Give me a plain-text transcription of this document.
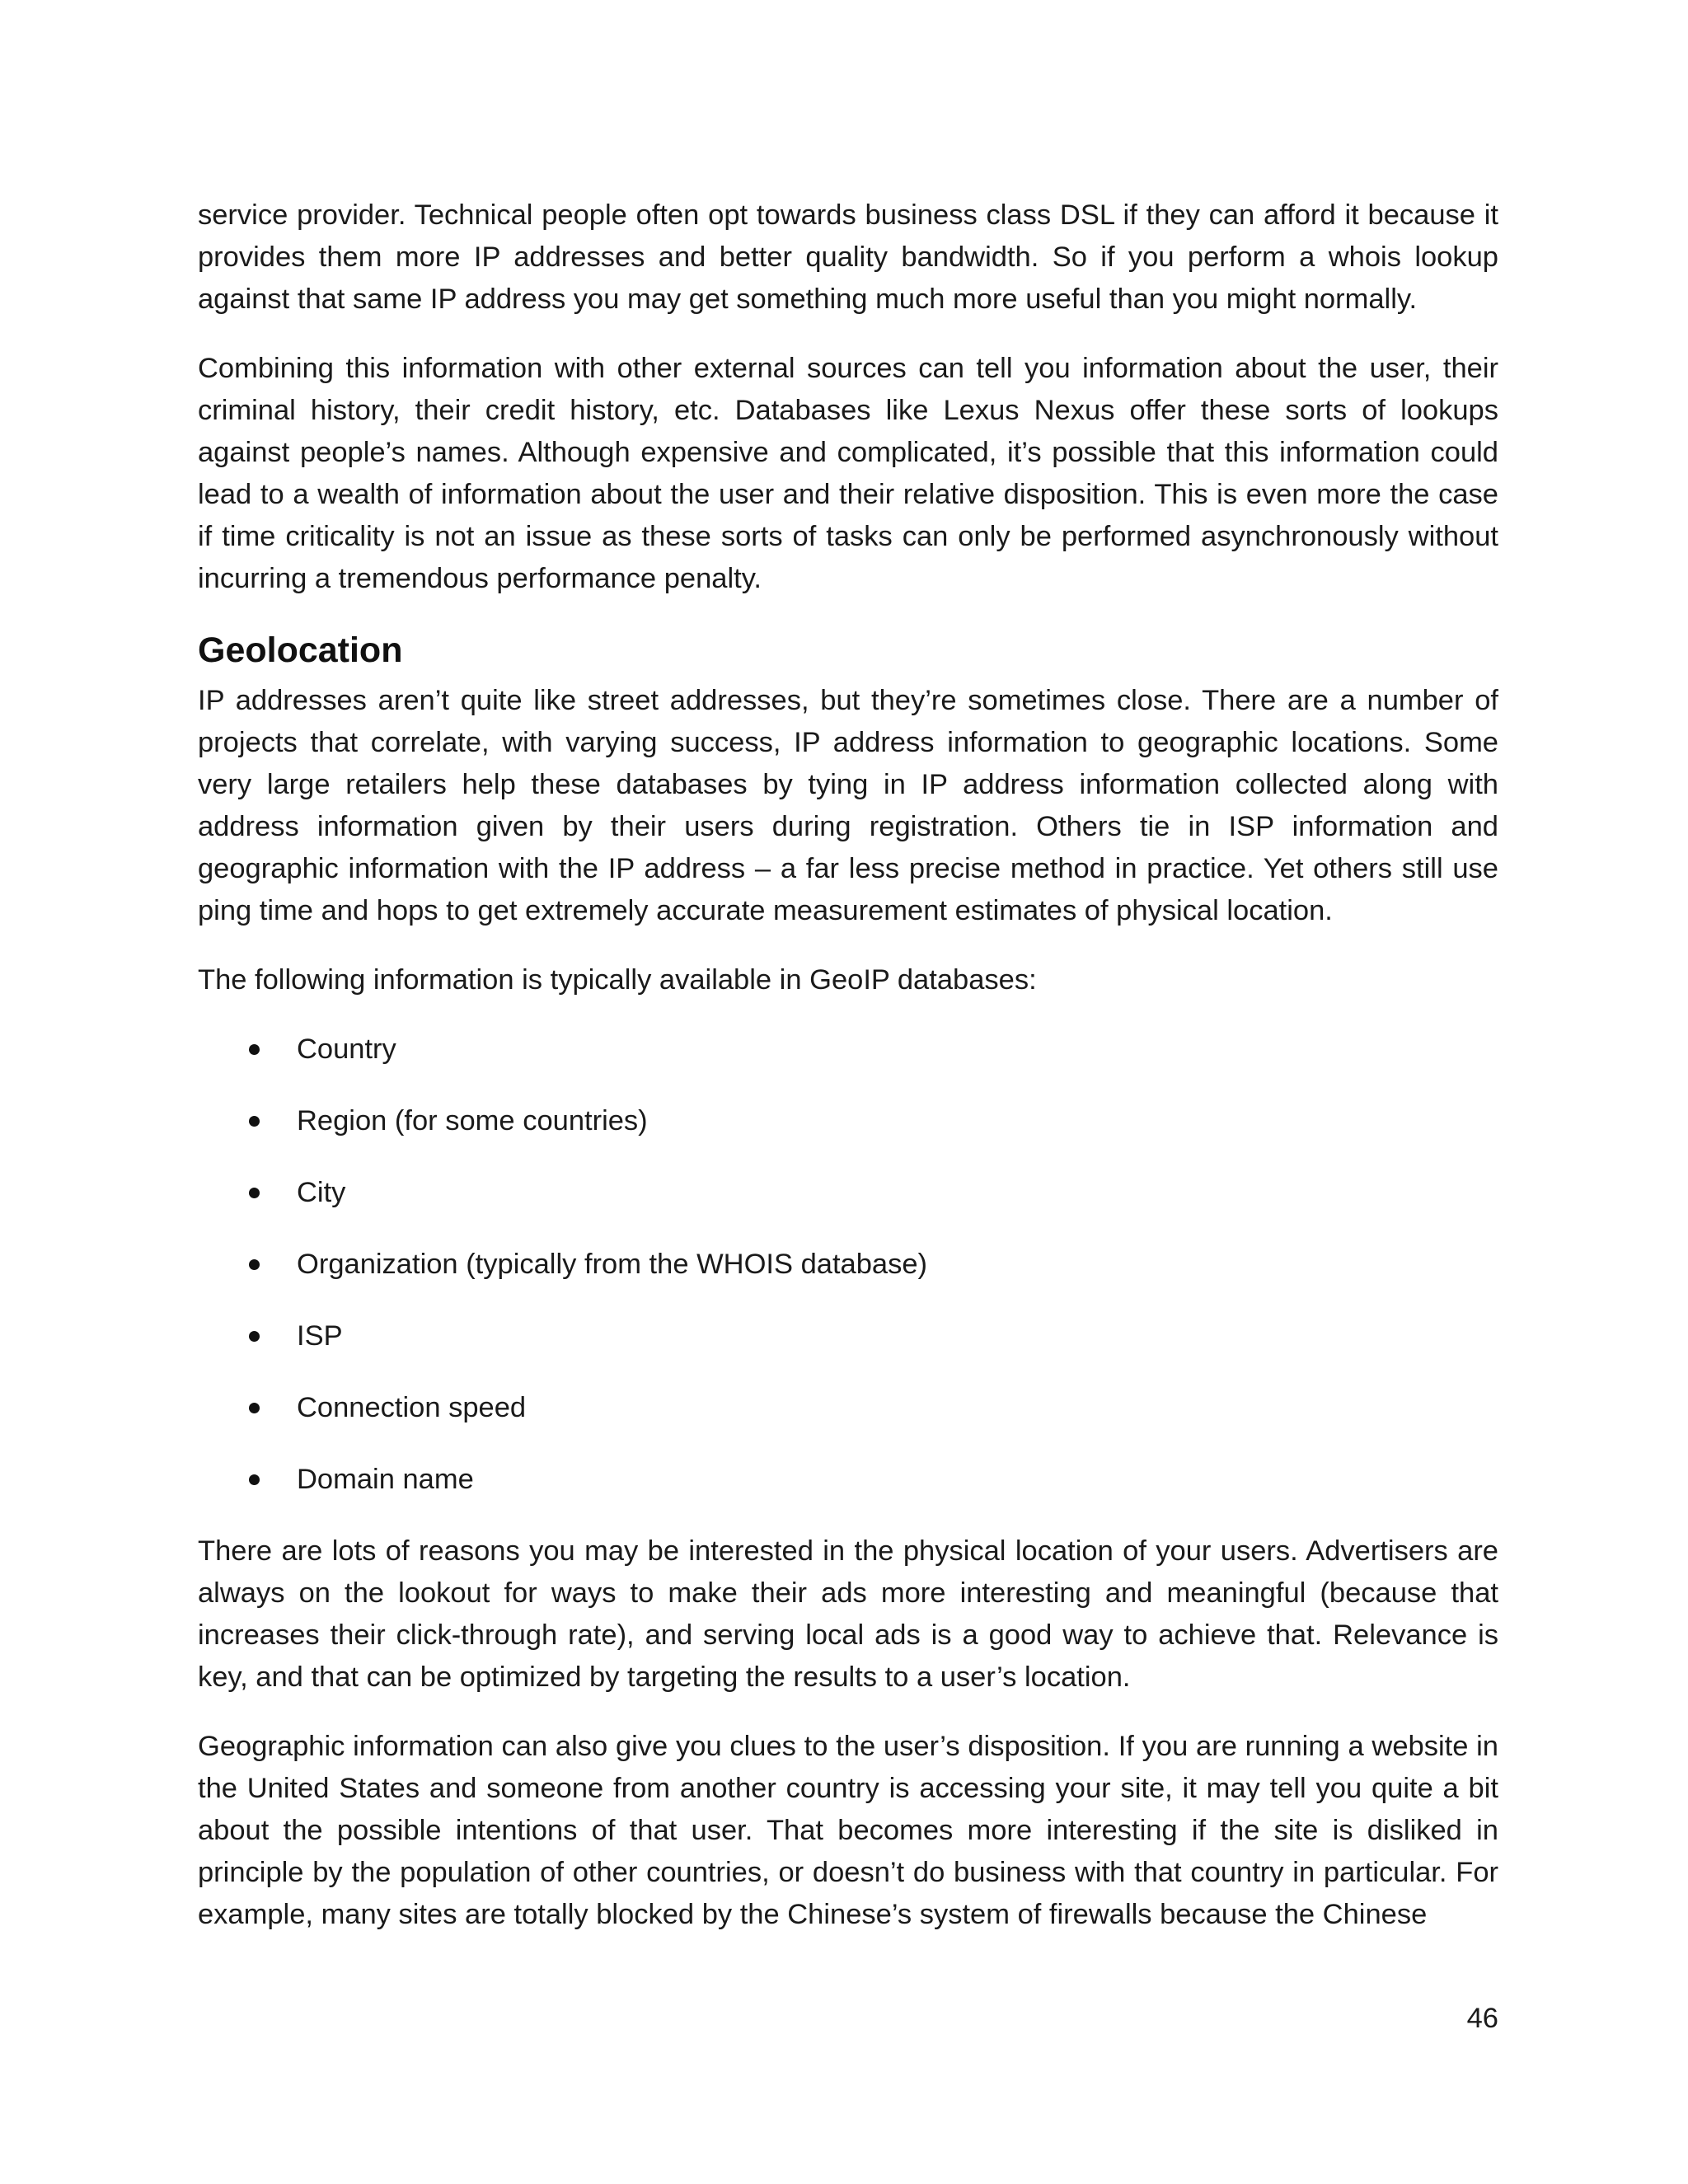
service provider. Technical people often opt towards business class DSL if they can afford it because it provides them more IP addresses and better quality bandwidth. So if you perform a whois lookup against that same IP address you may get something much more useful than you might normally.

Combining this information with other external sources can tell you information about the user, their criminal history, their credit history, etc. Databases like Lexus Nexus offer these sorts of lookups against people’s names. Although expensive and complicated, it’s possible that this information could lead to a wealth of information about the user and their relative disposition. This is even more the case if time criticality is not an issue as these sorts of tasks can only be performed asynchronously without incurring a tremendous performance penalty.

Geolocation

IP addresses aren’t quite like street addresses, but they’re sometimes close. There are a number of projects that correlate, with varying success, IP address information to geographic locations. Some very large retailers help these databases by tying in IP address information collected along with address information given by their users during registration. Others tie in ISP information and geographic information with the IP address – a far less precise method in practice. Yet others still use ping time and hops to get extremely accurate measurement estimates of physical location.

The following information is typically available in GeoIP databases:

Country
Region (for some countries)
City
Organization (typically from the WHOIS database)
ISP
Connection speed
Domain name

There are lots of reasons you may be interested in the physical location of your users. Advertisers are always on the lookout for ways to make their ads more interesting and meaningful (because that increases their click-through rate), and serving local ads is a good way to achieve that. Relevance is key, and that can be optimized by targeting the results to a user’s location.

Geographic information can also give you clues to the user’s disposition. If you are running a website in the United States and someone from another country is accessing your site, it may tell you quite a bit about the possible intentions of that user. That becomes more interesting if the site is disliked in principle by the population of other countries, or doesn’t do business with that country in particular. For example, many sites are totally blocked by the Chinese’s system of firewalls because the Chinese

46
